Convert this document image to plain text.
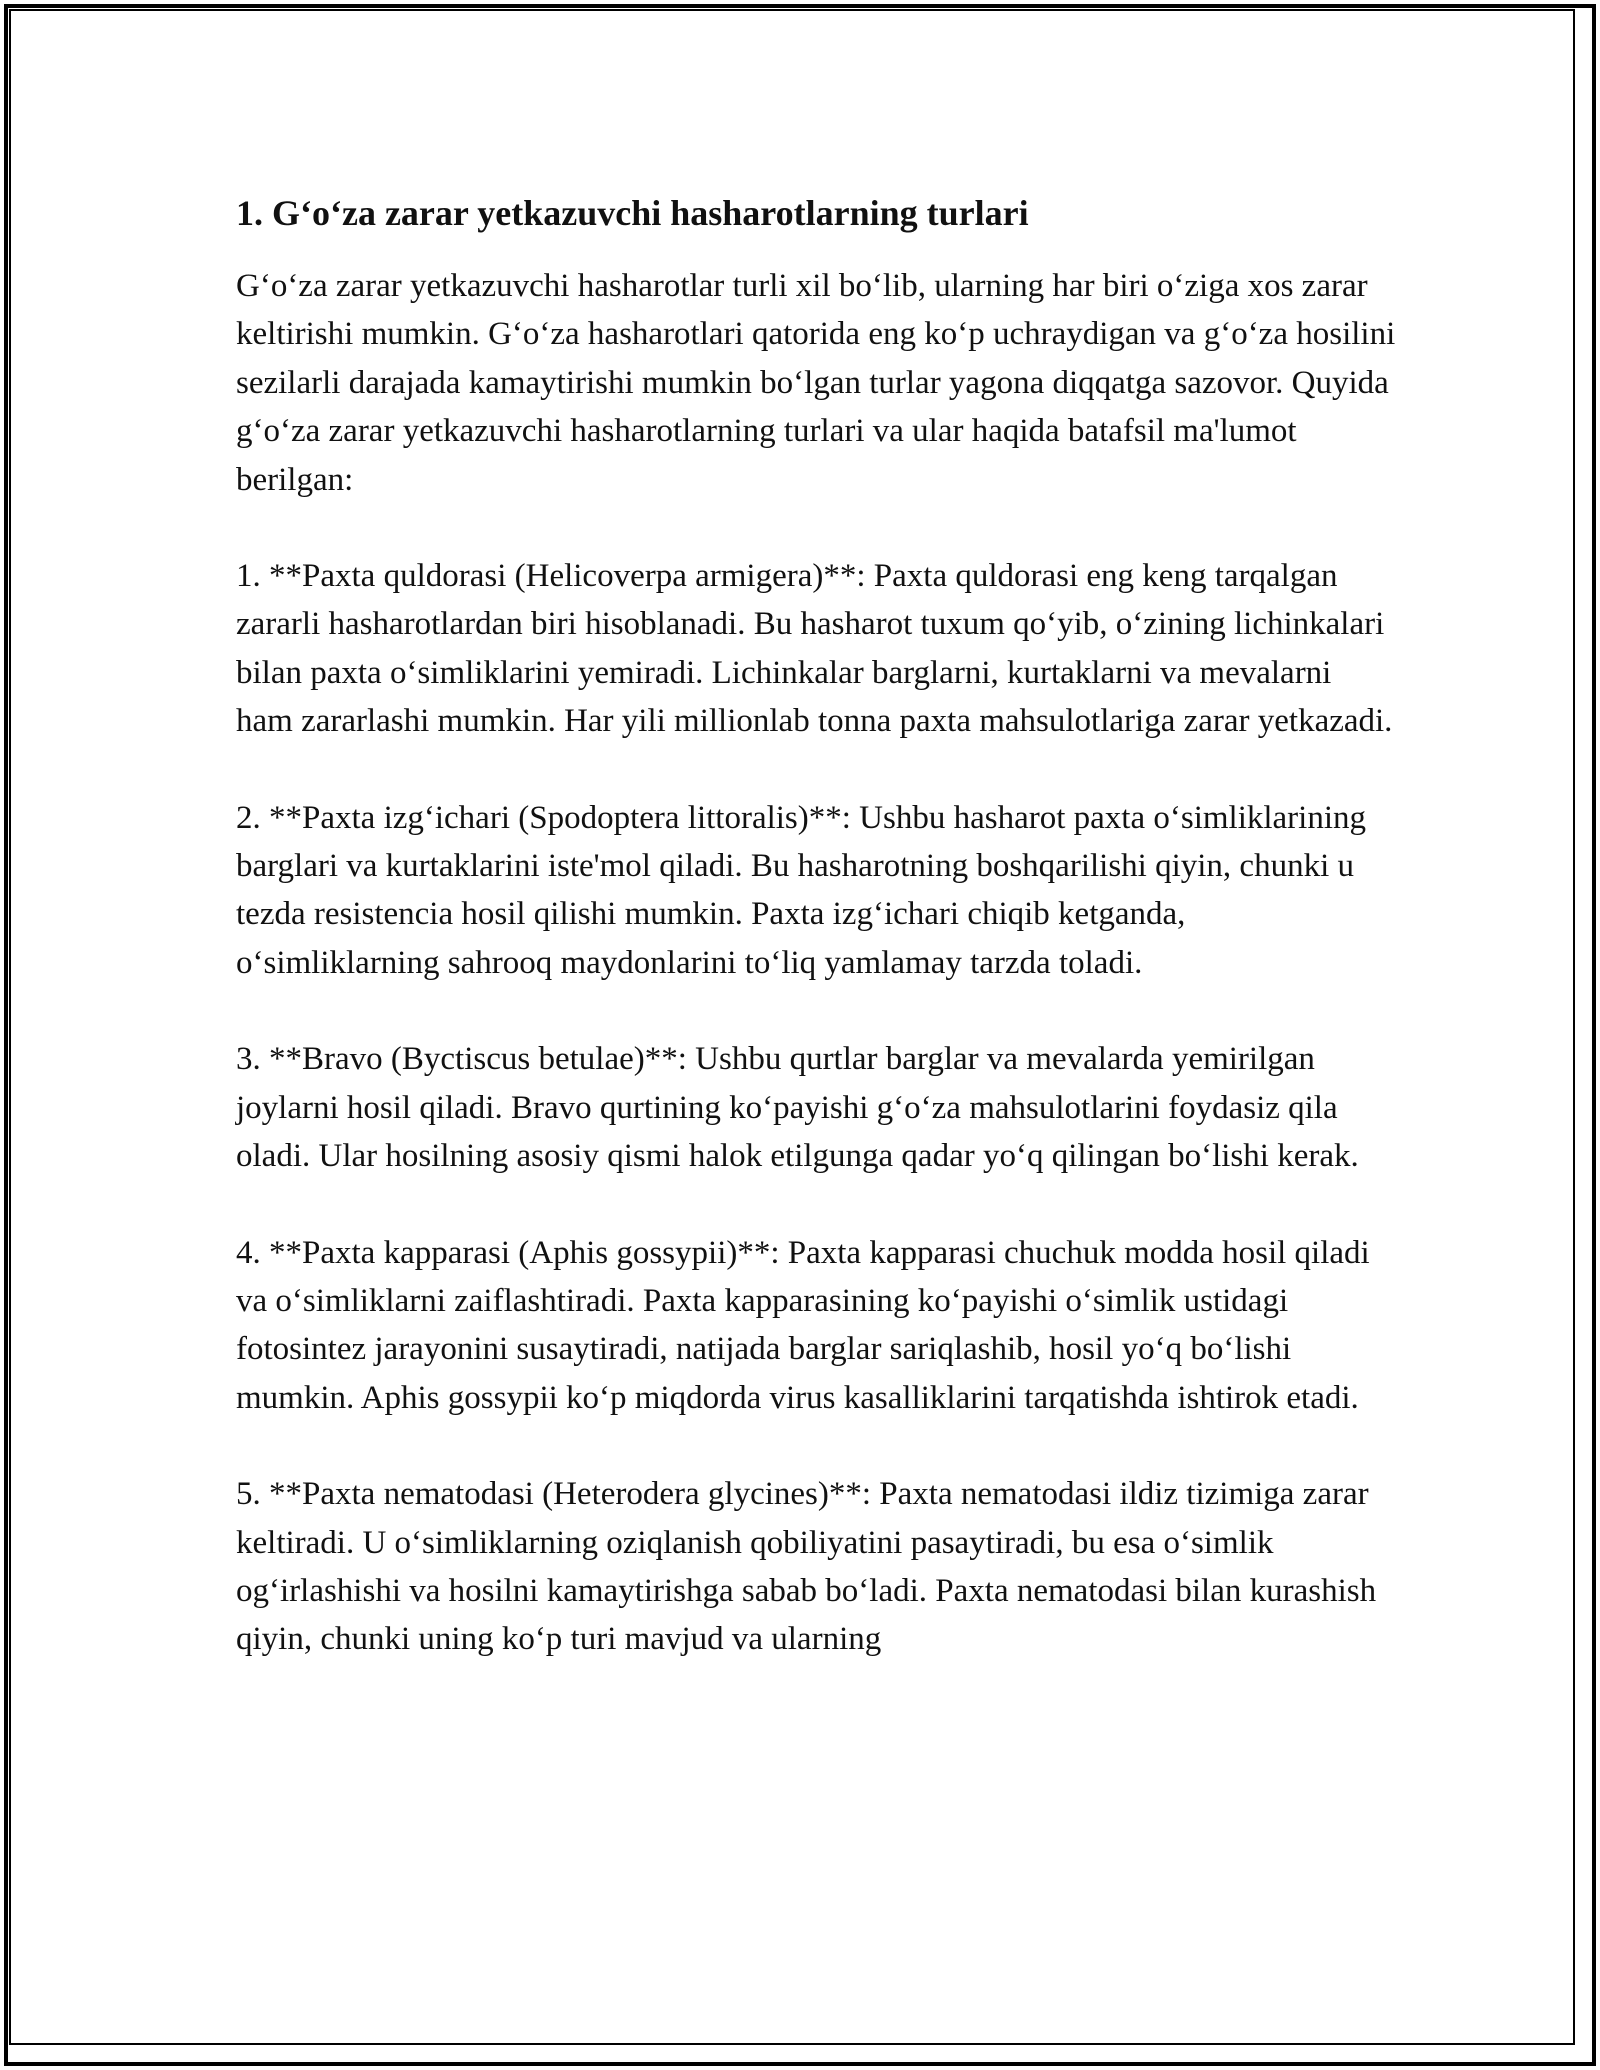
1. G‘o‘za zarar yetkazuvchi hasharotlarning turlari

G‘o‘za zarar yetkazuvchi hasharotlar turli xil bo‘lib, ularning har biri o‘ziga xos zarar keltirishi mumkin. G‘o‘za hasharotlari qatorida eng ko‘p uchraydigan va g‘o‘za hosilini sezilarli darajada kamaytirishi mumkin bo‘lgan turlar yagona diqqatga sazovor. Quyida g‘o‘za zarar yetkazuvchi hasharotlarning turlari va ular haqida batafsil ma'lumot berilgan:

1. **Paxta quldorasi (Helicoverpa armigera)**: Paxta quldorasi eng keng tarqalgan zararli hasharotlardan biri hisoblanadi. Bu hasharot tuxum qo‘yib, o‘zining lichinkalari bilan paxta o‘simliklarini yemiradi. Lichinkalar barglarni, kurtaklarni va mevalarni ham zararlashi mumkin. Har yili millionlab tonna paxta mahsulotlariga zarar yetkazadi.

2. **Paxta izg‘ichari (Spodoptera littoralis)**: Ushbu hasharot paxta o‘simliklarining barglari va kurtaklarini iste'mol qiladi. Bu hasharotning boshqarilishi qiyin, chunki u tezda resistencia hosil qilishi mumkin. Paxta izg‘ichari chiqib ketganda, o‘simliklarning sahrooq maydonlarini to‘liq yamlamay tarzda toladi.

3. **Bravo (Byctiscus betulae)**: Ushbu qurtlar barglar va mevalarda yemirilgan joylarni hosil qiladi. Bravo qurtining ko‘payishi g‘o‘za mahsulotlarini foydasiz qila oladi. Ular hosilning asosiy qismi halok etilgunga qadar yo‘q qilingan bo‘lishi kerak.

4. **Paxta kapparasi (Aphis gossypii)**: Paxta kapparasi chuchuk modda hosil qiladi va o‘simliklarni zaiflashtiradi. Paxta kapparasining ko‘payishi o‘simlik ustidagi fotosintez jarayonini susaytiradi, natijada barglar sariqlashib, hosil yo‘q bo‘lishi mumkin. Aphis gossypii ko‘p miqdorda virus kasalliklarini tarqatishda ishtirok etadi.

5. **Paxta nematodasi (Heterodera glycines)**: Paxta nematodasi ildiz tizimiga zarar keltiradi. U o‘simliklarning oziqlanish qobiliyatini pasaytiradi, bu esa o‘simlik og‘irlashishi va hosilni kamaytirishga sabab bo‘ladi. Paxta nematodasi bilan kurashish qiyin, chunki uning ko‘p turi mavjud va ularning
